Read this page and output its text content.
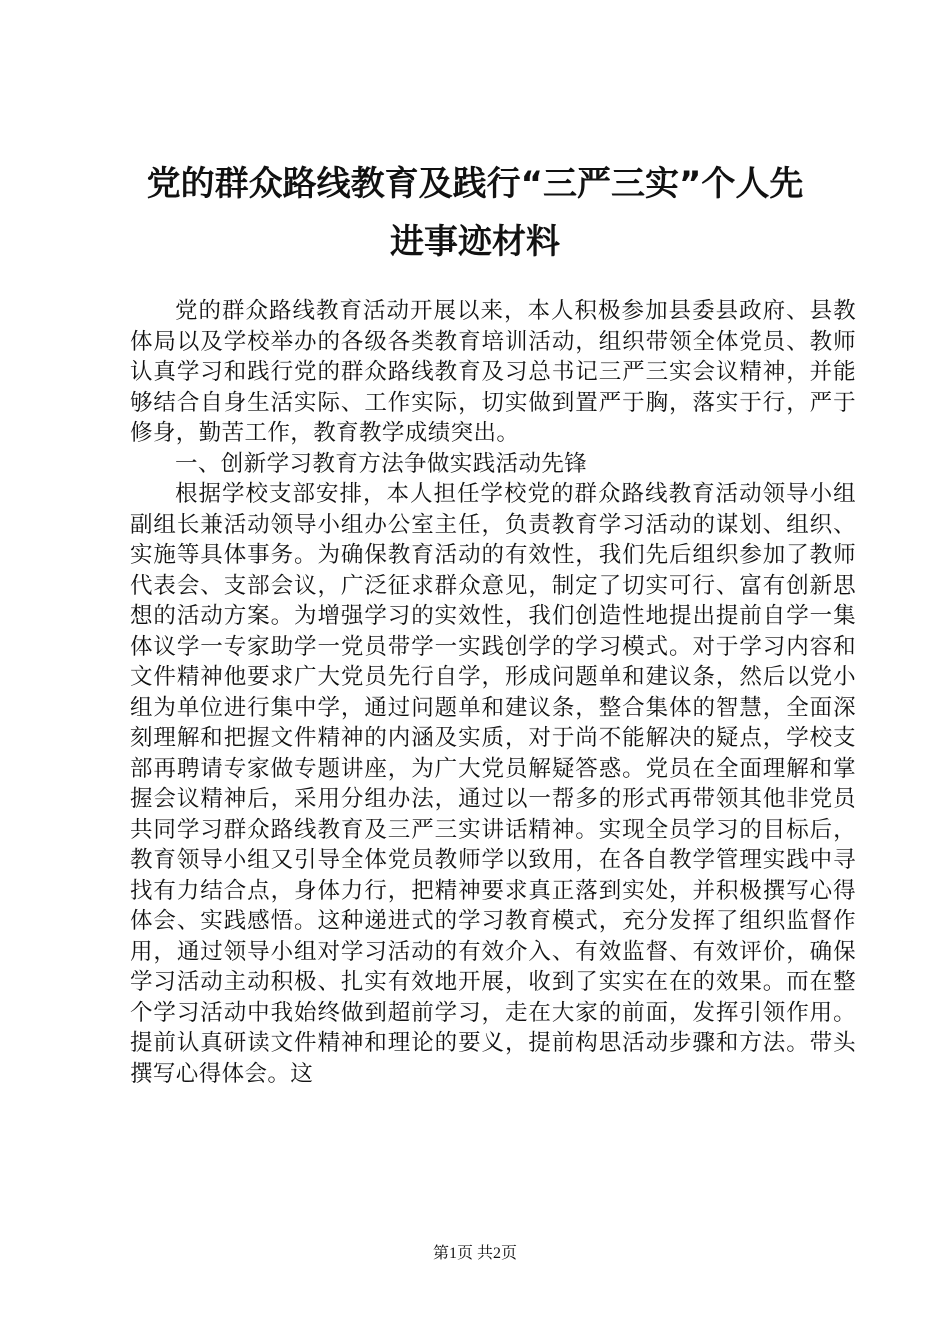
党的群众路线教育及践行“三严三实”个人先
进事迹材料

党的群众路线教育活动开展以来，本人积极参加县委县政府、县教体局以及学校举办的各级各类教育培训活动，组织带领全体党员、教师认真学习和践行党的群众路线教育及习总书记三严三实会议精神，并能够结合自身生活实际、工作实际，切实做到置严于胸，落实于行，严于修身，勤苦工作，教育教学成绩突出。

一、创新学习教育方法争做实践活动先锋

根据学校支部安排，本人担任学校党的群众路线教育活动领导小组副组长兼活动领导小组办公室主任，负责教育学习活动的谋划、组织、实施等具体事务。为确保教育活动的有效性，我们先后组织参加了教师代表会、支部会议，广泛征求群众意见，制定了切实可行、富有创新思想的活动方案。为增强学习的实效性，我们创造性地提出提前自学一集体议学一专家助学一党员带学一实践创学的学习模式。对于学习内容和文件精神他要求广大党员先行自学，形成问题单和建议条，然后以党小组为单位进行集中学，通过问题单和建议条，整合集体的智慧，全面深刻理解和把握文件精神的内涵及实质，对于尚不能解决的疑点，学校支部再聘请专家做专题讲座，为广大党员解疑答惑。党员在全面理解和掌握会议精神后，采用分组办法，通过以一帮多的形式再带领其他非党员共同学习群众路线教育及三严三实讲话精神。实现全员学习的目标后，教育领导小组又引导全体党员教师学以致用，在各自教学管理实践中寻找有力结合点，身体力行，把精神要求真正落到实处，并积极撰写心得体会、实践感悟。这种递进式的学习教育模式，充分发挥了组织监督作用，通过领导小组对学习活动的有效介入、有效监督、有效评价，确保学习活动主动积极、扎实有效地开展，收到了实实在在的效果。而在整个学习活动中我始终做到超前学习，走在大家的前面，发挥引领作用。提前认真研读文件精神和理论的要义，提前构思活动步骤和方法。带头撰写心得体会。这

第1页 共2页
